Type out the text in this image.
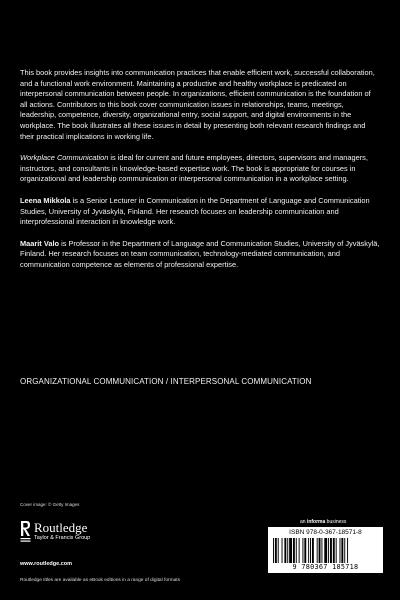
This book provides insights into communication practices that enable efficient work, successful collaboration, and a functional work environment. Maintaining a productive and healthy workplace is predicated on interpersonal communication between people. In organizations, efficient communication is the foundation of all actions. Contributors to this book cover communication issues in relationships, teams, meetings, leadership, competence, diversity, organizational entry, social support, and digital environments in the workplace. The book illustrates all these issues in detail by presenting both relevant research findings and their practical implications in working life.

Workplace Communication is ideal for current and future employees, directors, supervisors and managers, instructors, and consultants in knowledge-based expertise work. The book is appropriate for courses in organizational and leadership communication or interpersonal communication in a workplace setting.

Leena Mikkola is a Senior Lecturer in Communication in the Department of Language and Communication Studies, University of Jyväskylä, Finland. Her research focuses on leadership communication and interprofessional interaction in knowledge work.

Maarit Valo is Professor in the Department of Language and Communication Studies, University of Jyväskylä, Finland. Her research focuses on team communication, technology-mediated communication, and communication competence as elements of professional expertise.

ORGANIZATIONAL COMMUNICATION / INTERPERSONAL COMMUNICATION
Cover image: © Getty Images
Routledge
Taylor & Francis Group
www.routledge.com
Routledge titles are available as eBook editions in a range of digital formats
an informa business
ISBN 978-0-367-18571-8
9 780367 185718
